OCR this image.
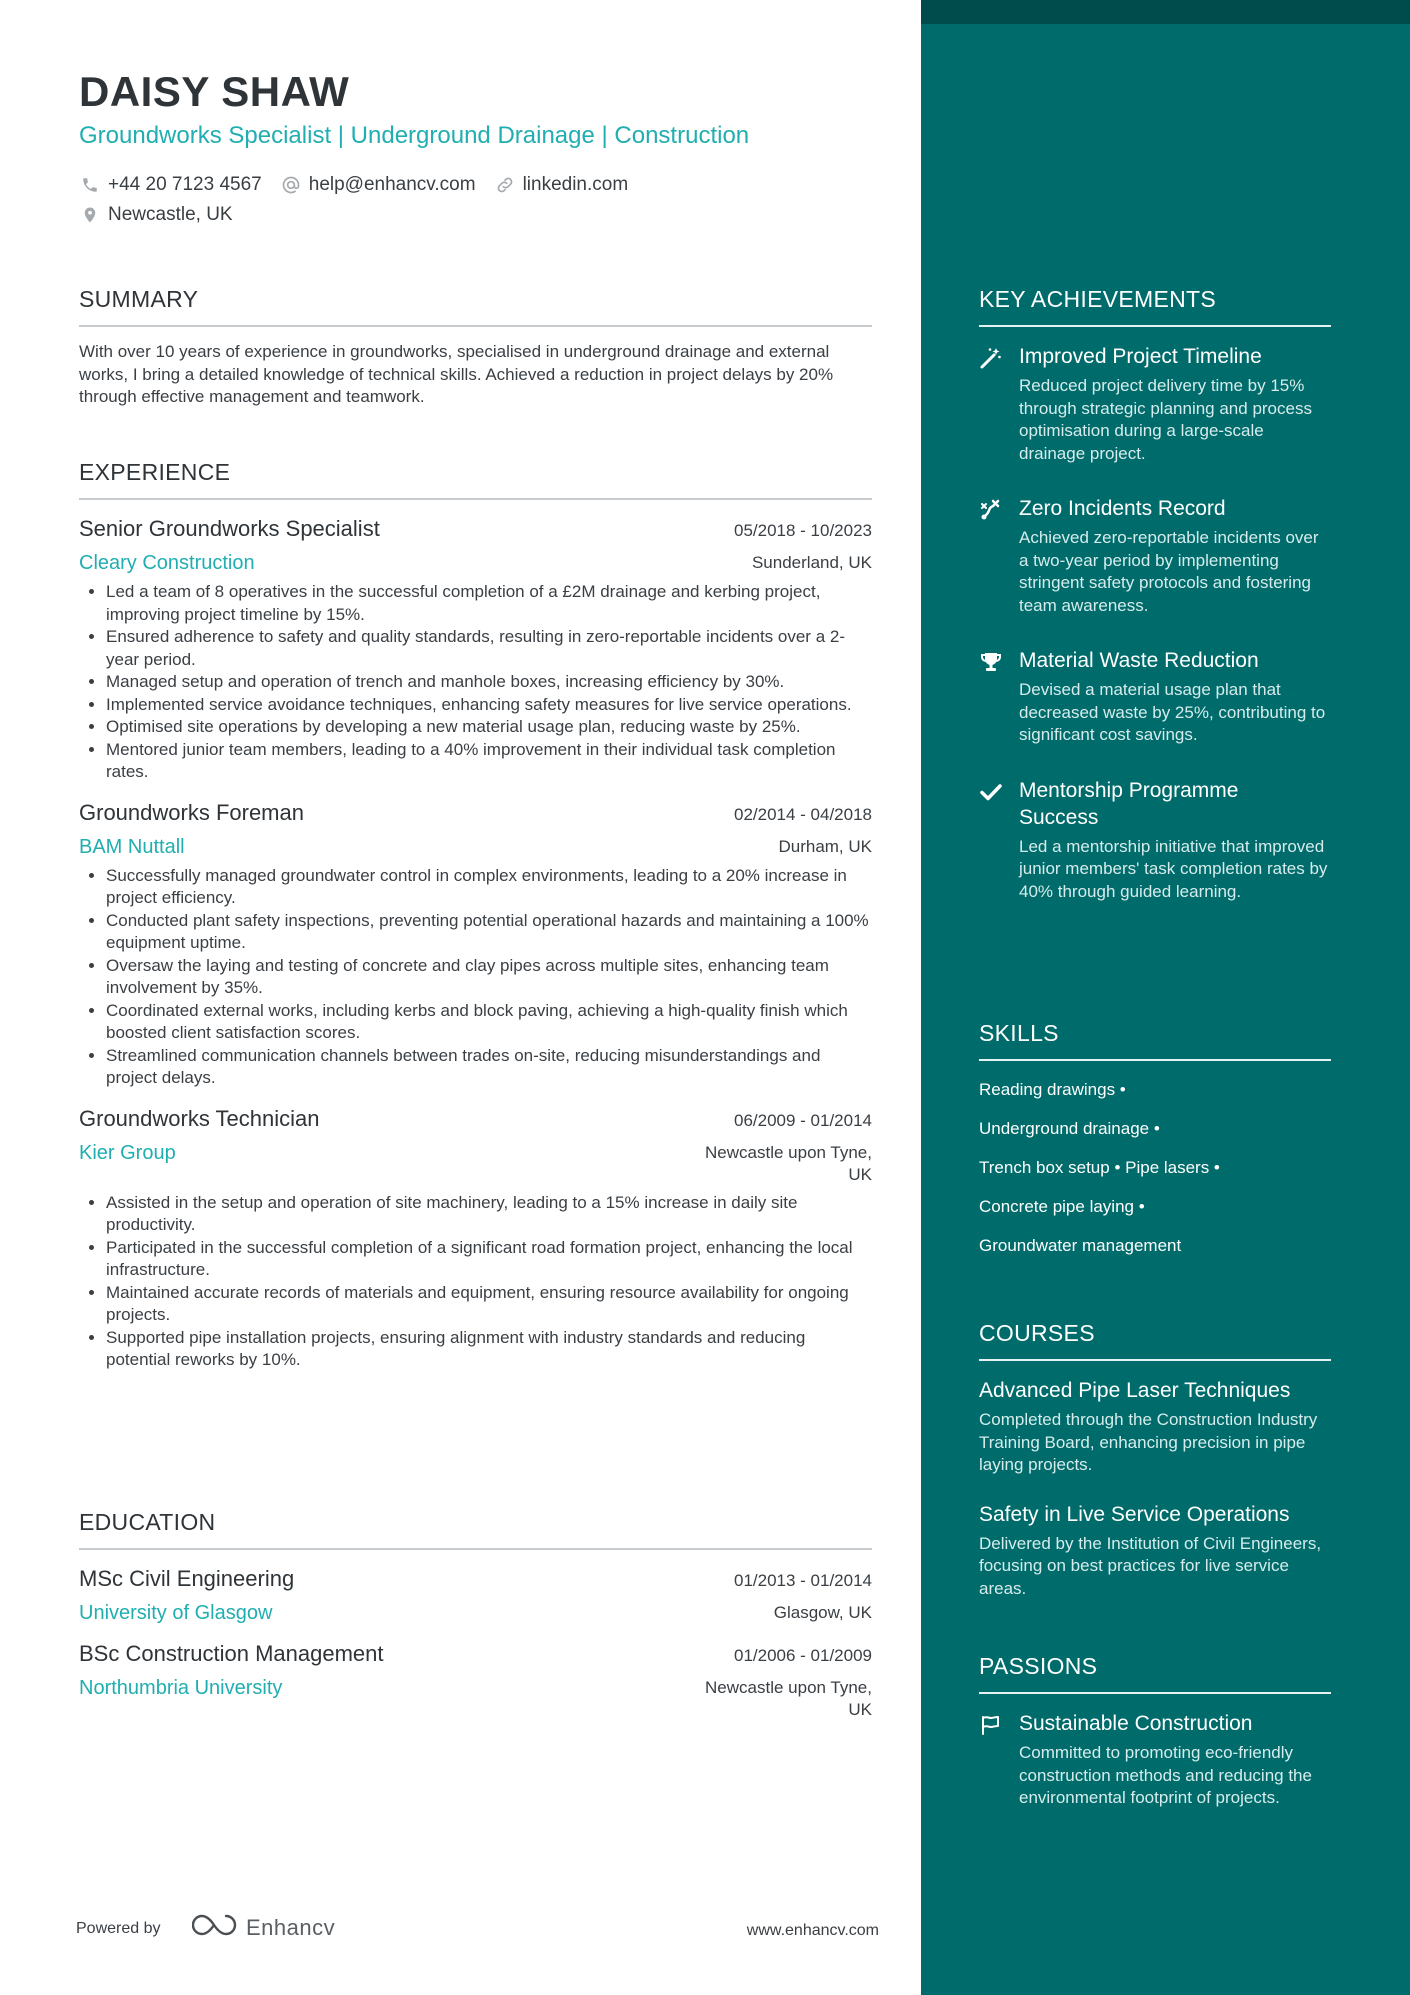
DAISY SHAW
Groundworks Specialist | Underground Drainage | Construction
+44 20 7123 4567 help@enhancv.com linkedin.com
Newcastle, UK
SUMMARY

With over 10 years of experience in groundworks, specialised in underground drainage and external works, I bring a detailed knowledge of technical skills. Achieved a reduction in project delays by 20% through effective management and teamwork.

EXPERIENCE
Senior Groundworks Specialist	05/2018 - 10/2023
Cleary Construction	Sunderland, UK
• Led a team of 8 operatives in the successful completion of a £2M drainage and kerbing project, improving project timeline by 15%.
• Ensured adherence to safety and quality standards, resulting in zero-reportable incidents over a 2-year period.
• Managed setup and operation of trench and manhole boxes, increasing efficiency by 30%.
• Implemented service avoidance techniques, enhancing safety measures for live service operations.
• Optimised site operations by developing a new material usage plan, reducing waste by 25%.
• Mentored junior team members, leading to a 40% improvement in their individual task completion rates.
Groundworks Foreman	02/2014 - 04/2018
BAM Nuttall	Durham, UK
• Successfully managed groundwater control in complex environments, leading to a 20% increase in project efficiency.
• Conducted plant safety inspections, preventing potential operational hazards and maintaining a 100% equipment uptime.
• Oversaw the laying and testing of concrete and clay pipes across multiple sites, enhancing team involvement by 35%.
• Coordinated external works, including kerbs and block paving, achieving a high-quality finish which boosted client satisfaction scores.
• Streamlined communication channels between trades on-site, reducing misunderstandings and project delays.
Groundworks Technician	06/2009 - 01/2014
Kier Group	Newcastle upon Tyne,
UK
• Assisted in the setup and operation of site machinery, leading to a 15% increase in daily site productivity.
• Participated in the successful completion of a significant road formation project, enhancing the local infrastructure.
• Maintained accurate records of materials and equipment, ensuring resource availability for ongoing projects.
• Supported pipe installation projects, ensuring alignment with industry standards and reducing potential reworks by 10%.
EDUCATION
MSc Civil Engineering	01/2013 - 01/2014
University of Glasgow	Glasgow, UK
BSc Construction Management	01/2006 - 01/2009
Northumbria University	Newcastle upon Tyne,
UK
Powered by	Enhancv	www.enhancv.com
KEY ACHIEVEMENTS
Improved Project Timeline
Reduced project delivery time by 15% through strategic planning and process optimisation during a large-scale drainage project.
Zero Incidents Record
Achieved zero-reportable incidents over a two-year period by implementing stringent safety protocols and fostering team awareness.
Material Waste Reduction
Devised a material usage plan that decreased waste by 25%, contributing to significant cost savings.
Mentorship Programme
Success
Led a mentorship initiative that improved junior members' task completion rates by 40% through guided learning.
SKILLS
Reading drawings •
Underground drainage •
Trench box setup • Pipe lasers •
Concrete pipe laying •
Groundwater management
COURSES
Advanced Pipe Laser Techniques
Completed through the Construction Industry Training Board, enhancing precision in pipe laying projects.
Safety in Live Service Operations
Delivered by the Institution of Civil Engineers, focusing on best practices for live service areas.
PASSIONS
Sustainable Construction
Committed to promoting eco-friendly construction methods and reducing the environmental footprint of projects.
